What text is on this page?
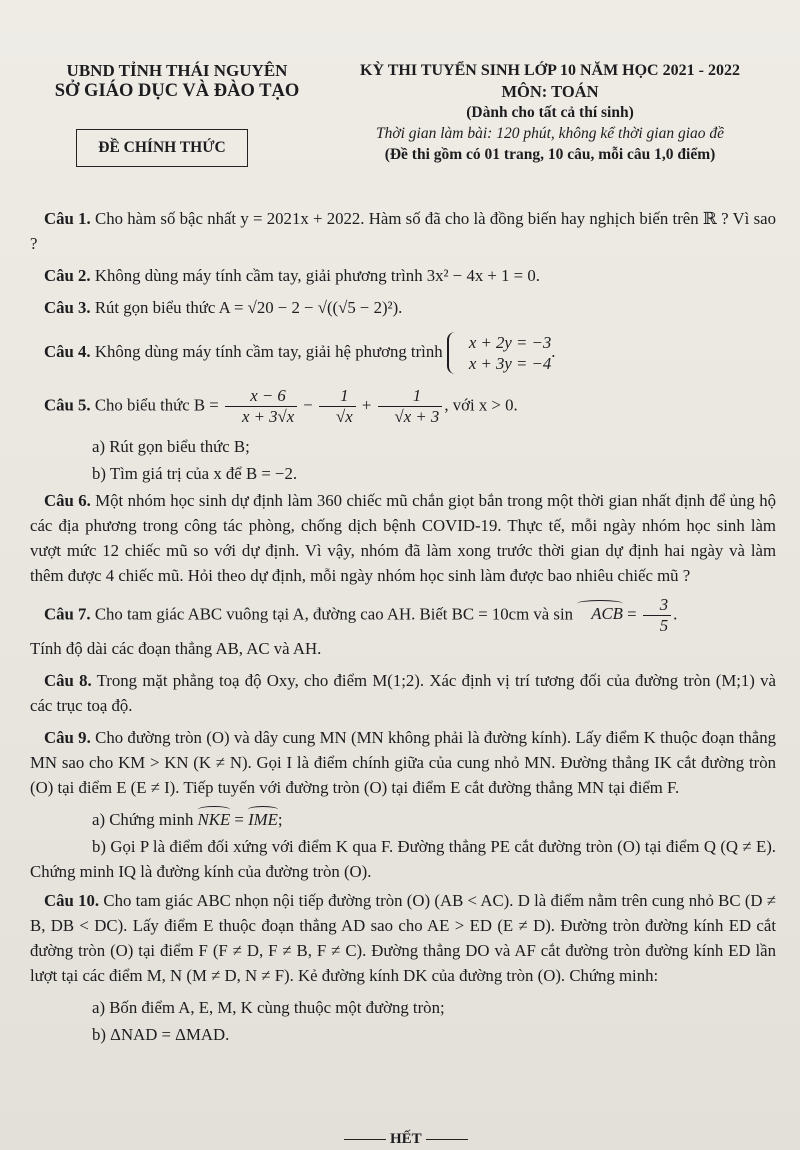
UBND TỈNH THÁI NGUYÊN
SỞ GIÁO DỤC VÀ ĐÀO TẠO
ĐỀ CHÍNH THỨC
KỲ THI TUYỂN SINH LỚP 10 NĂM HỌC 2021 - 2022
MÔN: TOÁN
(Dành cho tất cả thí sinh)
Thời gian làm bài: 120 phút, không kể thời gian giao đề
(Đề thi gồm có 01 trang, 10 câu, mỗi câu 1,0 điểm)

Câu 1. Cho hàm số bậc nhất y = 2021x + 2022. Hàm số đã cho là đồng biến hay nghịch biến trên ℝ ? Vì sao ?

Câu 2. Không dùng máy tính cầm tay, giải phương trình 3x² − 4x + 1 = 0.

Câu 3. Rút gọn biểu thức A = √20 − 2 − √((√5 − 2)²).

Câu 4. Không dùng máy tính cầm tay, giải hệ phương trình	x + 2y = −3
x + 3y = −4
.

Câu 5. Cho biểu thức $B = \frac{x - 6}{x + 3√x} - \frac{1}{√x} + \frac{1}{√x + 3}$ , với x > 0.

a) Rút gọn biểu thức B;
b) Tìm giá trị của x để B = −2.

Câu 6. Một nhóm học sinh dự định làm 360 chiếc mũ chắn giọt bắn trong một thời gian nhất định để ủng hộ các địa phương trong công tác phòng, chống dịch bệnh COVID-19. Thực tế, mỗi ngày nhóm học sinh làm vượt mức 12 chiếc mũ so với dự định. Vì vậy, nhóm đã làm xong trước thời gian dự định hai ngày và làm thêm được 4 chiếc mũ. Hỏi theo dự định, mỗi ngày nhóm học sinh làm được bao nhiêu chiếc mũ ?

Câu 7. Cho tam giác ABC vuông tại A, đường cao AH. Biết BC = 10cm và sin ACB = $\frac{3}{5}$ .
Tính độ dài các đoạn thẳng AB, AC và AH.

Câu 8. Trong mặt phẳng toạ độ Oxy, cho điểm M(1;2). Xác định vị trí tương đối của đường tròn (M;1) và các trục toạ độ.

Câu 9. Cho đường tròn (O) và dây cung MN (MN không phải là đường kính). Lấy điểm K thuộc đoạn thẳng MN sao cho KM > KN (K ≠ N). Gọi I là điểm chính giữa của cung nhỏ MN. Đường thẳng IK cắt đường tròn (O) tại điểm E (E ≠ I). Tiếp tuyến với đường tròn (O) tại điểm E cắt đường thẳng MN tại điểm F.

a) Chứng minh NKE = IME;

b) Gọi P là điểm đối xứng với điểm K qua F. Đường thẳng PE cắt đường tròn (O) tại điểm Q (Q ≠ E). Chứng minh IQ là đường kính của đường tròn (O).

Câu 10. Cho tam giác ABC nhọn nội tiếp đường tròn (O) (AB < AC). D là điểm nằm trên cung nhỏ BC (D ≠ B, DB < DC). Lấy điểm E thuộc đoạn thẳng AD sao cho AE > ED (E ≠ D). Đường tròn đường kính ED cắt đường tròn (O) tại điểm F (F ≠ D, F ≠ B, F ≠ C). Đường thẳng DO và AF cắt đường tròn đường kính ED lần lượt tại các điểm M, N (M ≠ D, N ≠ F). Kẻ đường kính DK của đường tròn (O). Chứng minh:

a) Bốn điểm A, E, M, K cùng thuộc một đường tròn;
b) ΔNAD = ΔMAD.
HẾT
